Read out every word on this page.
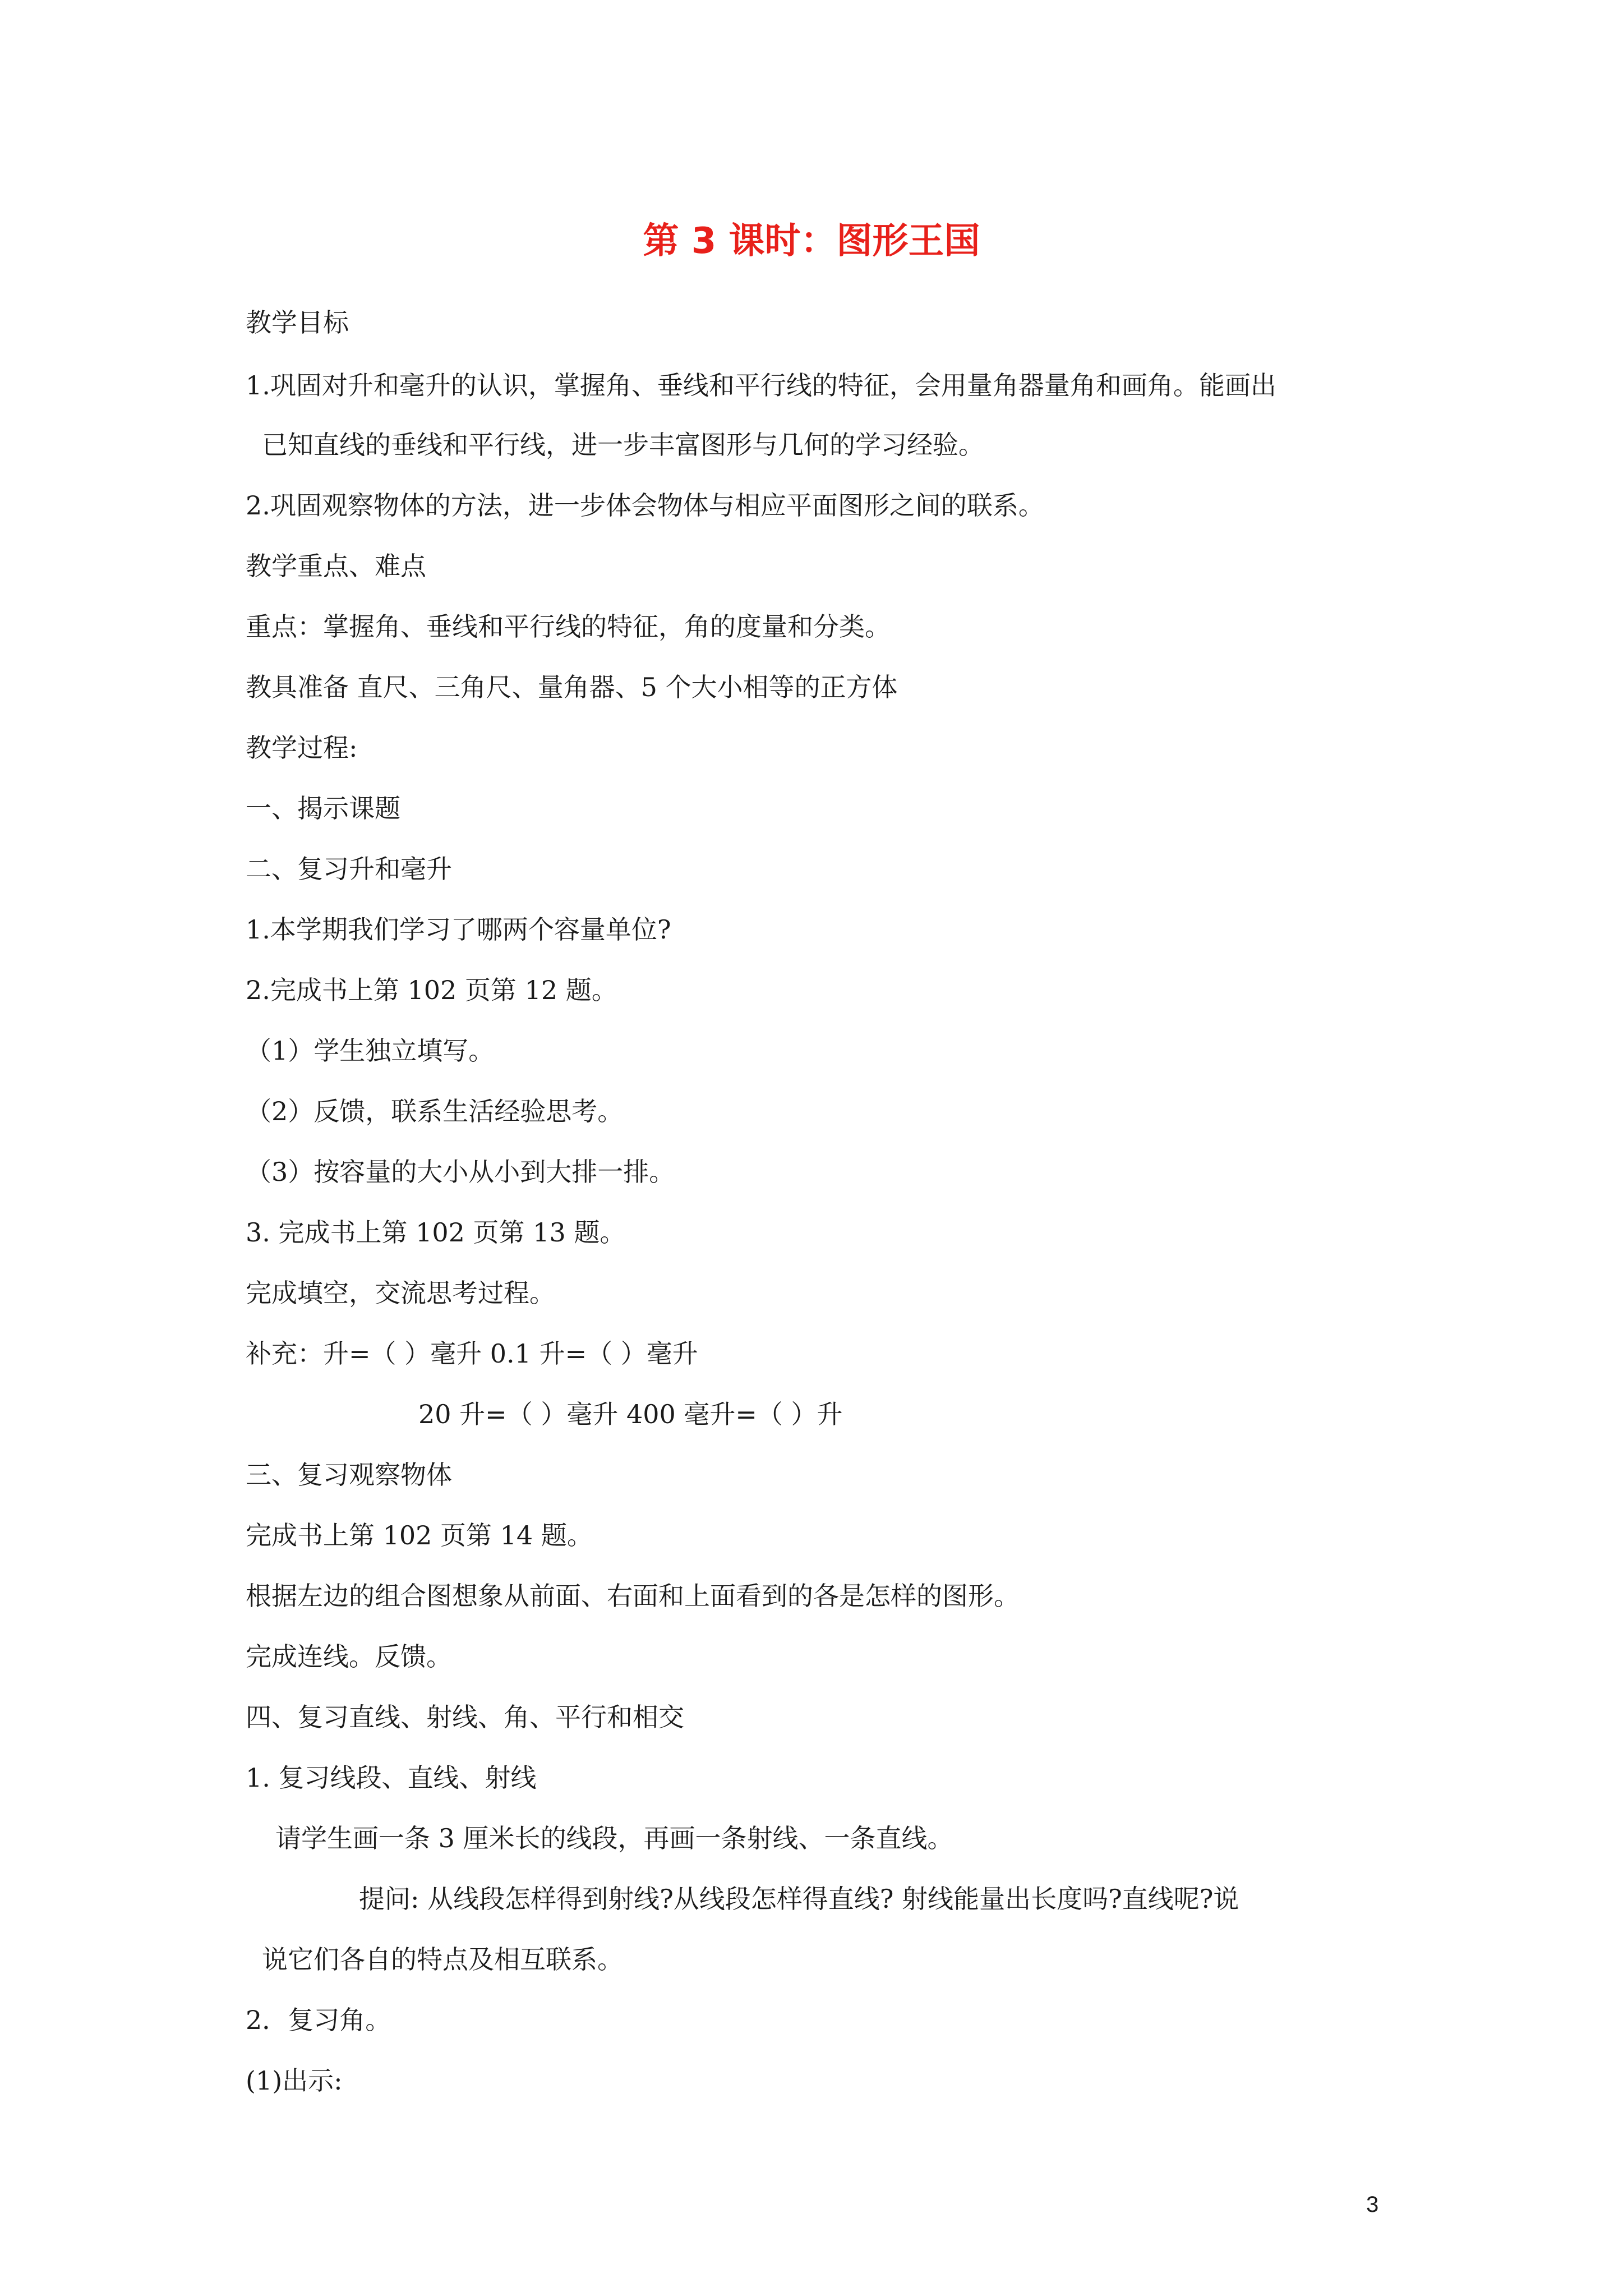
第 3 课时：图形王国
教学目标
1.巩固对升和毫升的认识，掌握角、垂线和平行线的特征，会用量角器量角和画角。能画出
已知直线的垂线和平行线，进一步丰富图形与几何的学习经验。
2.巩固观察物体的方法，进一步体会物体与相应平面图形之间的联系。
教学重点、难点
重点：掌握角、垂线和平行线的特征，角的度量和分类。
教具准备 直尺、三角尺、量角器、5 个大小相等的正方体
教学过程:
一、揭示课题
二、复习升和毫升
1.本学期我们学习了哪两个容量单位?
2.完成书上第 102 页第 12 题。
（1）学生独立填写。
（2）反馈，联系生活经验思考。
（3）按容量的大小从小到大排一排。
3. 完成书上第 102 页第 13 题。
完成填空，交流思考过程。
补充：升=（ ）毫升 0.1 升=（ ）毫升
20 升=（ ）毫升 400 毫升=（ ）升
三、复习观察物体
完成书上第 102 页第 14 题。
根据左边的组合图想象从前面、右面和上面看到的各是怎样的图形。
完成连线。反馈。
四、复习直线、射线、角、平行和相交
1. 复习线段、直线、射线
请学生画一条 3 厘米长的线段，再画一条射线、一条直线。
提问: 从线段怎样得到射线?从线段怎样得直线? 射线能量出长度吗?直线呢?说
说它们各自的特点及相互联系。
2．复习角。
(1)出示:
3
